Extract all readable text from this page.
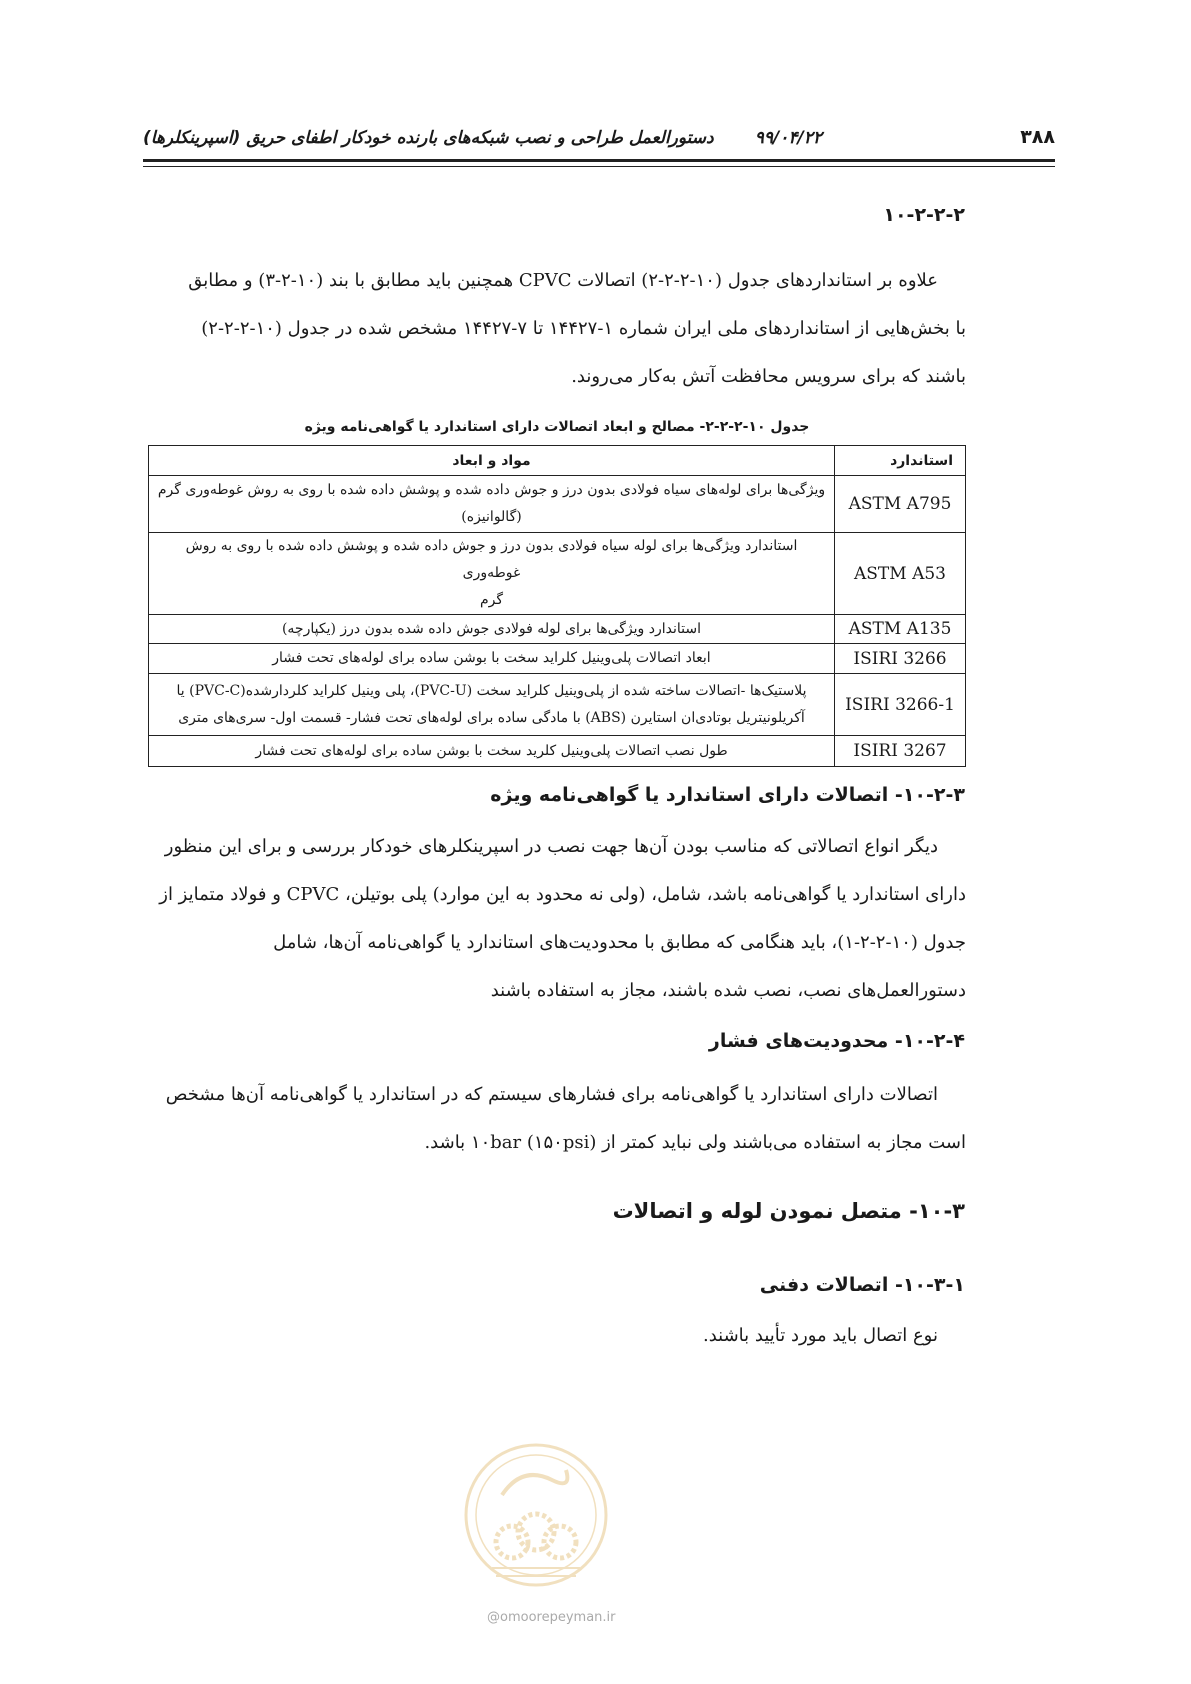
۳۸۸
۹۹/۰۴/۲۲
دستورالعمل طراحی و نصب شبکه‌های بارنده خودکار اطفای حریق (اسپرینکلرها)
۱۰-۲-۲-۲
علاوه بر استانداردهای جدول (۱۰-۲-۲-۲) اتصالات CPVC همچنین باید مطابق با بند (۱۰-۲-۳) و مطابق
با بخش‌هایی از استانداردهای ملی ایران شماره ۱-۱۴۴۲۷ تا ۷-۱۴۴۲۷ مشخص شده در جدول (۱۰-۲-۲-۲)
باشند که برای سرویس محافظت آتش به‌کار می‌روند.
جدول ۱۰-۲-۲-۲- مصالح و ابعاد اتصالات دارای استاندارد یا گواهی‌نامه ویژه
استاندارد	مواد و ابعاد
ASTM A795	ویژگی‌ها برای لوله‌های سیاه فولادی بدون درز و جوش داده شده و پوشش داده شده با روی به روش غوطه‌وری گرم
(گالوانیزه)

ASTM A53	استاندارد ویژگی‌ها برای لوله سیاه فولادی بدون درز و جوش داده شده و پوشش داده شده با روی به روش غوطه‌وری
گرم

ASTM A135	استاندارد ویژگی‌ها برای لوله فولادی جوش داده شده بدون درز (یکپارچه)

ISIRI 3266	ابعاد اتصالات پلی‌وینیل کلراید سخت با بوشن ساده برای لوله‌های تحت فشار

ISIRI 3266-1	پلاستیک‌ها -اتصالات ساخته شده از پلی‌وینیل کلراید سخت (PVC-U)، پلی وینیل کلراید کلردارشده(PVC-C) یا
آکریلونیتریل بوتادی‌ان استایرن (ABS) با مادگی ساده برای لوله‌های تحت فشار- قسمت اول- سری‌های متری

ISIRI 3267	طول نصب اتصالات پلی‌وینیل کلرید سخت با بوشن ساده برای لوله‌های تحت فشار
۱۰-۲-۳- اتصالات دارای استاندارد یا گواهی‌نامه ویژه
دیگر انواع اتصالاتی که مناسب بودن آن‌ها جهت نصب در اسپرینکلرهای خودکار بررسی و برای این منظور
دارای استاندارد یا گواهی‌نامه باشد، شامل، (ولی نه محدود به این موارد) پلی بوتیلن، CPVC و فولاد متمایز از
جدول (۱۰-۲-۲-۱)، باید هنگامی که مطابق با محدودیت‌های استاندارد یا گواهی‌نامه آن‌ها، شامل
دستورالعمل‌های نصب، نصب شده باشند، مجاز به استفاده باشند
۱۰-۲-۴- محدودیت‌های فشار
اتصالات دارای استاندارد یا گواهی‌نامه برای فشارهای سیستم که در استاندارد یا گواهی‌نامه آن‌ها مشخص
است مجاز به استفاده می‌باشند ولی نباید کمتر از ۱۰bar (۱۵۰psi) باشد.
۱۰-۳- متصل نمودن لوله و اتصالات
۱۰-۳-۱- اتصالات دفنی
نوع اتصال باید مورد تأیید باشند.
@omoorepeyman.ir
